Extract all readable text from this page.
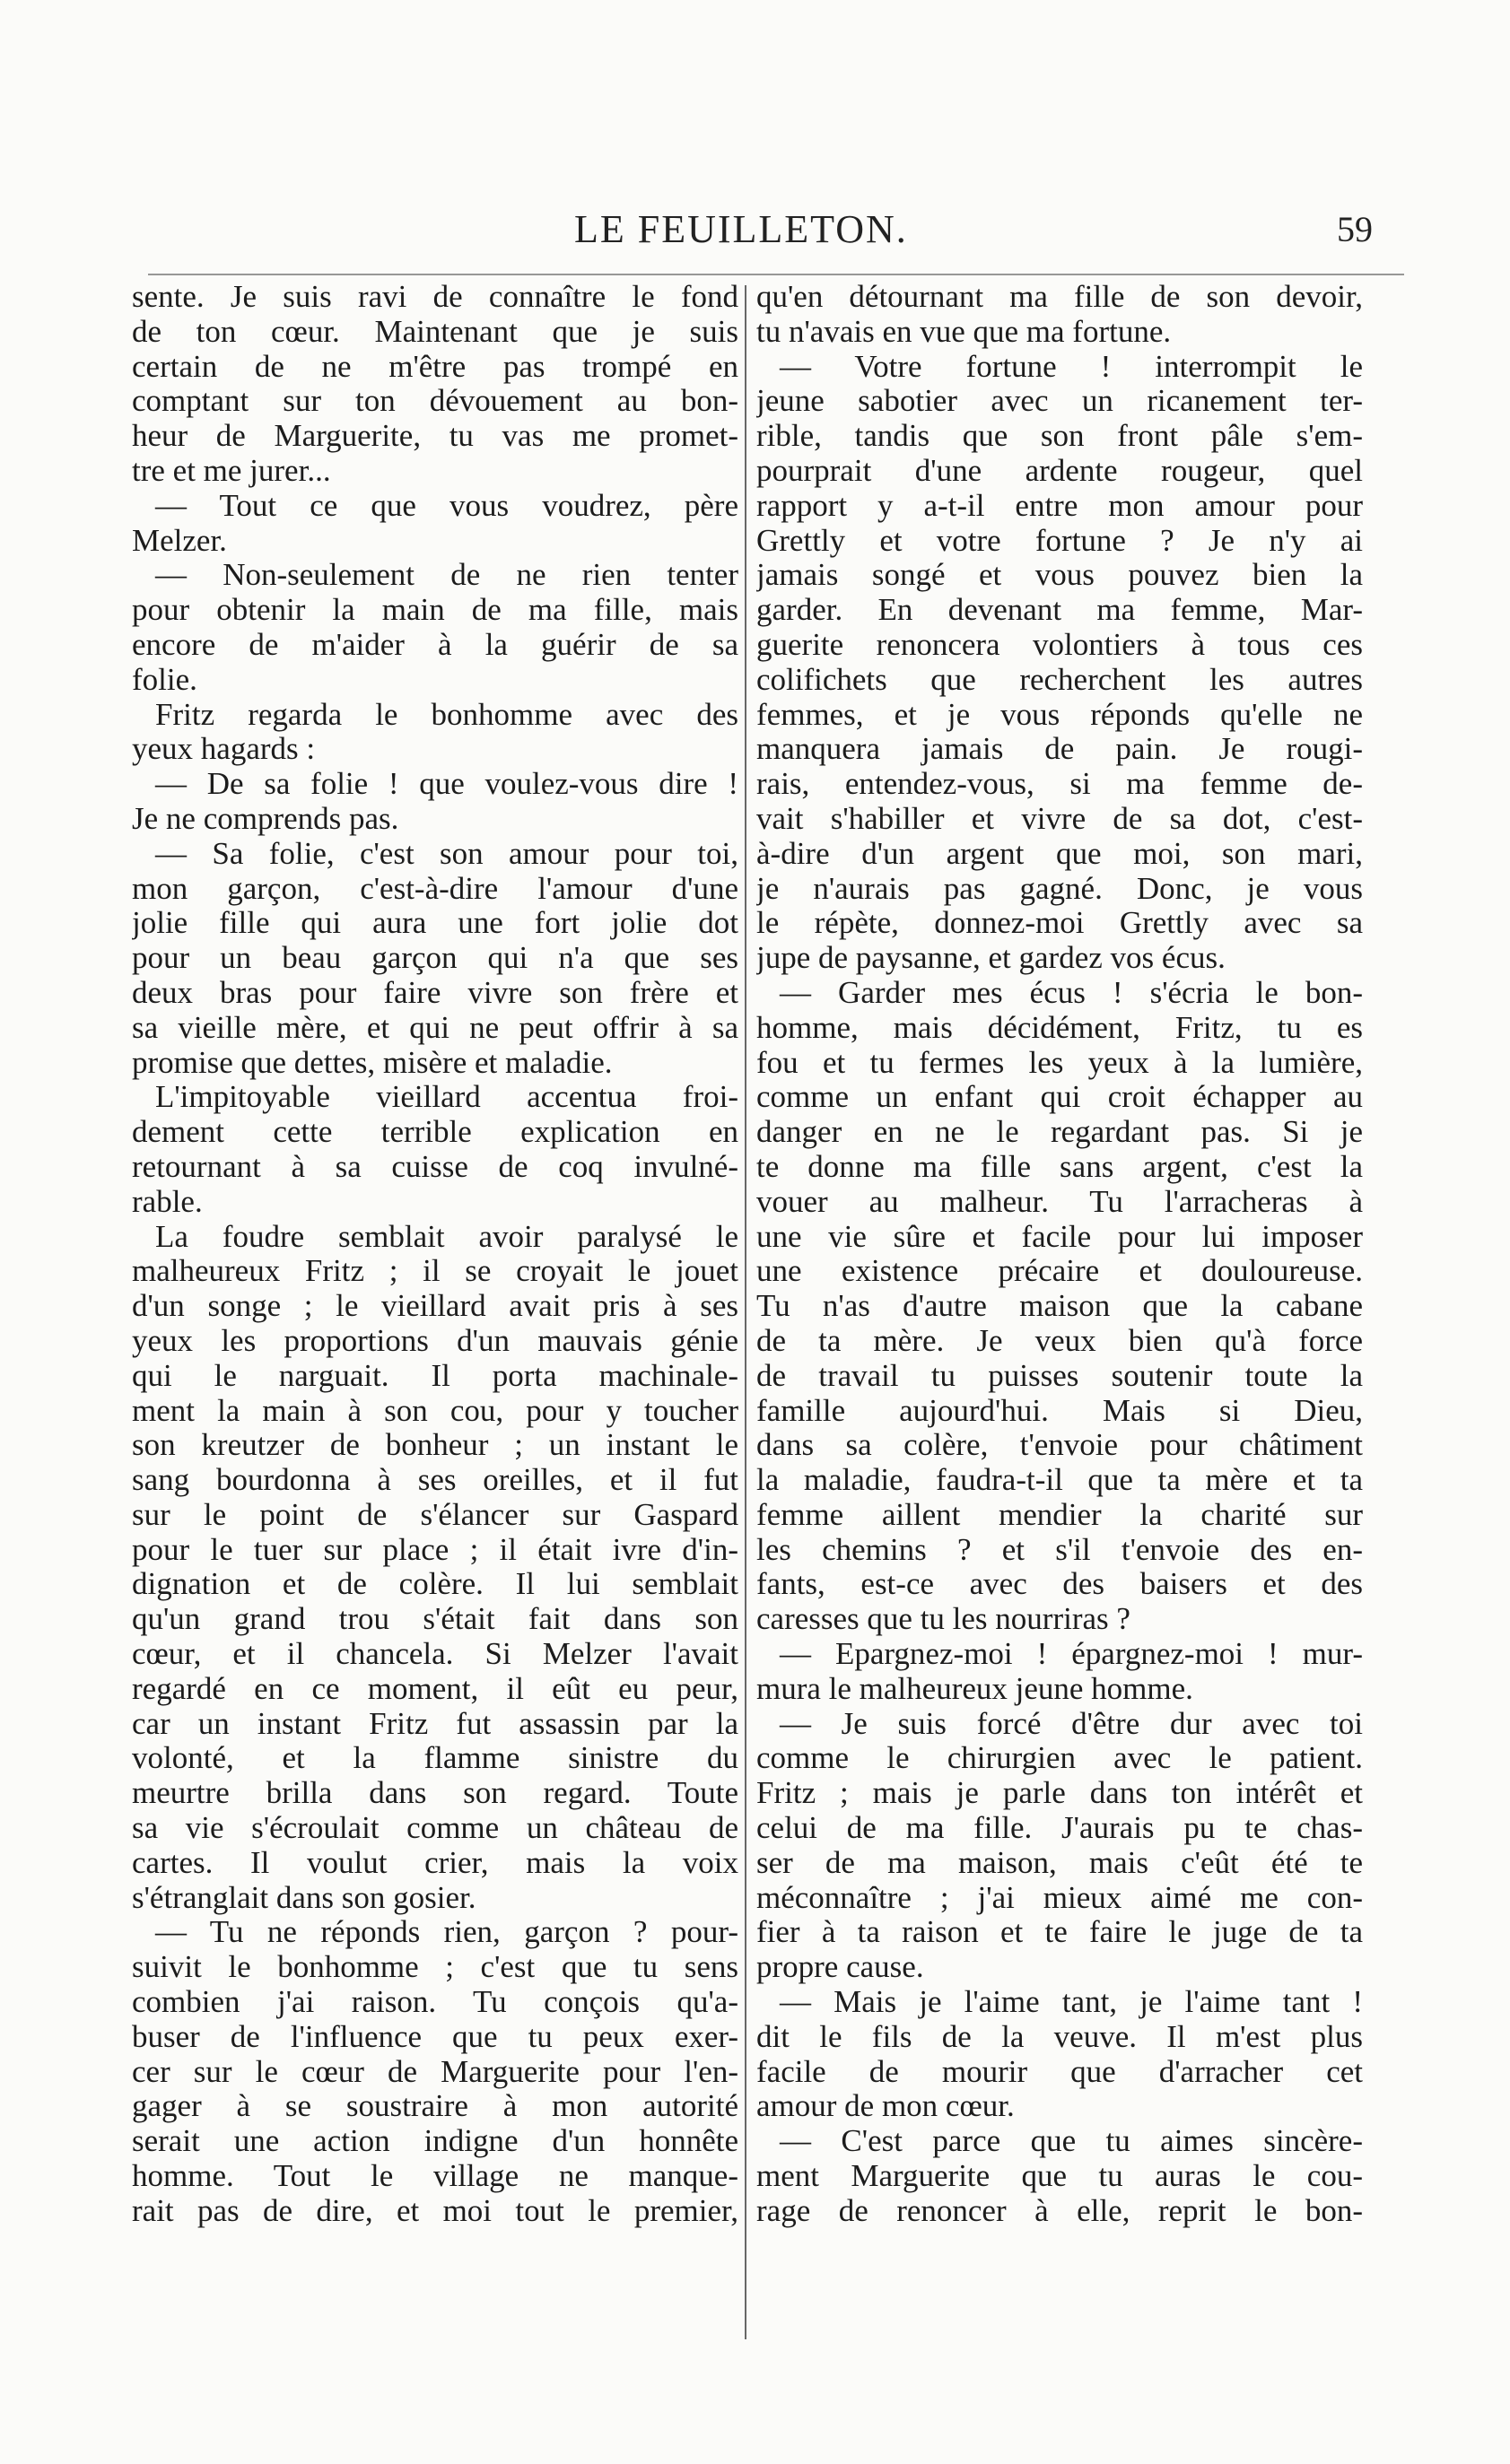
LE FEUILLETON.	59
sente. Je suis ravi de connaître le fond
de ton cœur. Maintenant que je suis
certain de ne m'être pas trompé en
comptant sur ton dévouement au bon-
heur de Marguerite, tu vas me promet-
tre et me jurer...
— Tout ce que vous voudrez, père
Melzer.
— Non-seulement de ne rien tenter
pour obtenir la main de ma fille, mais
encore de m'aider à la guérir de sa
folie.
Fritz regarda le bonhomme avec des
yeux hagards :
— De sa folie ! que voulez-vous dire !
Je ne comprends pas.
— Sa folie, c'est son amour pour toi,
mon garçon, c'est-à-dire l'amour d'une
jolie fille qui aura une fort jolie dot
pour un beau garçon qui n'a que ses
deux bras pour faire vivre son frère et
sa vieille mère, et qui ne peut offrir à sa
promise que dettes, misère et maladie.
L'impitoyable vieillard accentua froi-
dement cette terrible explication en
retournant à sa cuisse de coq invulné-
rable.
La foudre semblait avoir paralysé le
malheureux Fritz ; il se croyait le jouet
d'un songe ; le vieillard avait pris à ses
yeux les proportions d'un mauvais génie
qui le narguait. Il porta machinale-
ment la main à son cou, pour y toucher
son kreutzer de bonheur ; un instant le
sang bourdonna à ses oreilles, et il fut
sur le point de s'élancer sur Gaspard
pour le tuer sur place ; il était ivre d'in-
dignation et de colère. Il lui semblait
qu'un grand trou s'était fait dans son
cœur, et il chancela. Si Melzer l'avait
regardé en ce moment, il eût eu peur,
car un instant Fritz fut assassin par la
volonté, et la flamme sinistre du
meurtre brilla dans son regard. Toute
sa vie s'écroulait comme un château de
cartes. Il voulut crier, mais la voix
s'étranglait dans son gosier.
— Tu ne réponds rien, garçon ? pour-
suivit le bonhomme ; c'est que tu sens
combien j'ai raison. Tu conçois qu'a-
buser de l'influence que tu peux exer-
cer sur le cœur de Marguerite pour l'en-
gager à se soustraire à mon autorité
serait une action indigne d'un honnête
homme. Tout le village ne manque-
rait pas de dire, et moi tout le premier,
qu'en détournant ma fille de son devoir,
tu n'avais en vue que ma fortune.
— Votre fortune ! interrompit le
jeune sabotier avec un ricanement ter-
rible, tandis que son front pâle s'em-
pourprait d'une ardente rougeur, quel
rapport y a-t-il entre mon amour pour
Grettly et votre fortune ? Je n'y ai
jamais songé et vous pouvez bien la
garder. En devenant ma femme, Mar-
guerite renoncera volontiers à tous ces
colifichets que recherchent les autres
femmes, et je vous réponds qu'elle ne
manquera jamais de pain. Je rougi-
rais, entendez-vous, si ma femme de-
vait s'habiller et vivre de sa dot, c'est-
à-dire d'un argent que moi, son mari,
je n'aurais pas gagné. Donc, je vous
le répète, donnez-moi Grettly avec sa
jupe de paysanne, et gardez vos écus.
— Garder mes écus ! s'écria le bon-
homme, mais décidément, Fritz, tu es
fou et tu fermes les yeux à la lumière,
comme un enfant qui croit échapper au
danger en ne le regardant pas. Si je
te donne ma fille sans argent, c'est la
vouer au malheur. Tu l'arracheras à
une vie sûre et facile pour lui imposer
une existence précaire et douloureuse.
Tu n'as d'autre maison que la cabane
de ta mère. Je veux bien qu'à force
de travail tu puisses soutenir toute la
famille aujourd'hui. Mais si Dieu,
dans sa colère, t'envoie pour châtiment
la maladie, faudra-t-il que ta mère et ta
femme aillent mendier la charité sur
les chemins ? et s'il t'envoie des en-
fants, est-ce avec des baisers et des
caresses que tu les nourriras ?
— Epargnez-moi ! épargnez-moi ! mur-
mura le malheureux jeune homme.
— Je suis forcé d'être dur avec toi
comme le chirurgien avec le patient.
Fritz ; mais je parle dans ton intérêt et
celui de ma fille. J'aurais pu te chas-
ser de ma maison, mais c'eût été te
méconnaître ; j'ai mieux aimé me con-
fier à ta raison et te faire le juge de ta
propre cause.
— Mais je l'aime tant, je l'aime tant !
dit le fils de la veuve. Il m'est plus
facile de mourir que d'arracher cet
amour de mon cœur.
— C'est parce que tu aimes sincère-
ment Marguerite que tu auras le cou-
rage de renoncer à elle, reprit le bon-
